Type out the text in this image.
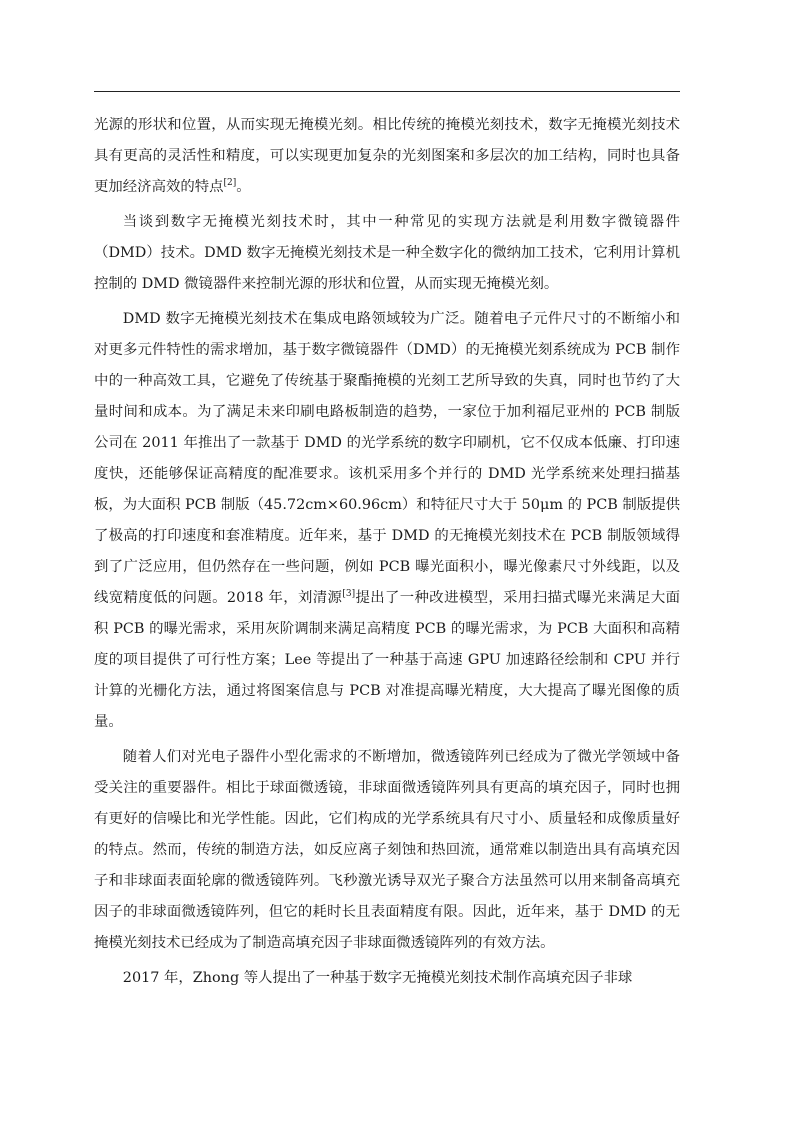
光源的形状和位置，从而实现无掩模光刻。相比传统的掩模光刻技术，数字无掩模光刻技术具有更高的灵活性和精度，可以实现更加复杂的光刻图案和多层次的加工结构，同时也具备更加经济高效的特点[2]。

当谈到数字无掩模光刻技术时，其中一种常见的实现方法就是利用数字微镜器件（DMD）技术。DMD 数字无掩模光刻技术是一种全数字化的微纳加工技术，它利用计算机控制的 DMD 微镜器件来控制光源的形状和位置，从而实现无掩模光刻。

DMD 数字无掩模光刻技术在集成电路领域较为广泛。随着电子元件尺寸的不断缩小和对更多元件特性的需求增加，基于数字微镜器件（DMD）的无掩模光刻系统成为 PCB 制作中的一种高效工具，它避免了传统基于聚酯掩模的光刻工艺所导致的失真，同时也节约了大量时间和成本。为了满足未来印刷电路板制造的趋势，一家位于加利福尼亚州的 PCB 制版公司在 2011 年推出了一款基于 DMD 的光学系统的数字印刷机，它不仅成本低廉、打印速度快，还能够保证高精度的配准要求。该机采用多个并行的 DMD 光学系统来处理扫描基板，为大面积 PCB 制版（45.72cm×60.96cm）和特征尺寸大于 50μm 的 PCB 制版提供了极高的打印速度和套准精度。近年来，基于 DMD 的无掩模光刻技术在 PCB 制版领域得到了广泛应用，但仍然存在一些问题，例如 PCB 曝光面积小，曝光像素尺寸外线距，以及线宽精度低的问题。2018 年，刘清源[3]提出了一种改进模型，采用扫描式曝光来满足大面积 PCB 的曝光需求，采用灰阶调制来满足高精度 PCB 的曝光需求，为 PCB 大面积和高精度的项目提供了可行性方案；Lee 等提出了一种基于高速 GPU 加速路径绘制和 CPU 并行计算的光栅化方法，通过将图案信息与 PCB 对准提高曝光精度，大大提高了曝光图像的质量。

随着人们对光电子器件小型化需求的不断增加，微透镜阵列已经成为了微光学领域中备受关注的重要器件。相比于球面微透镜，非球面微透镜阵列具有更高的填充因子，同时也拥有更好的信噪比和光学性能。因此，它们构成的光学系统具有尺寸小、质量轻和成像质量好的特点。然而，传统的制造方法，如反应离子刻蚀和热回流，通常难以制造出具有高填充因子和非球面表面轮廓的微透镜阵列。飞秒激光诱导双光子聚合方法虽然可以用来制备高填充因子的非球面微透镜阵列，但它的耗时长且表面精度有限。因此，近年来，基于 DMD 的无掩模光刻技术已经成为了制造高填充因子非球面微透镜阵列的有效方法。

2017 年，Zhong 等人提出了一种基于数字无掩模光刻技术制作高填充因子非球
